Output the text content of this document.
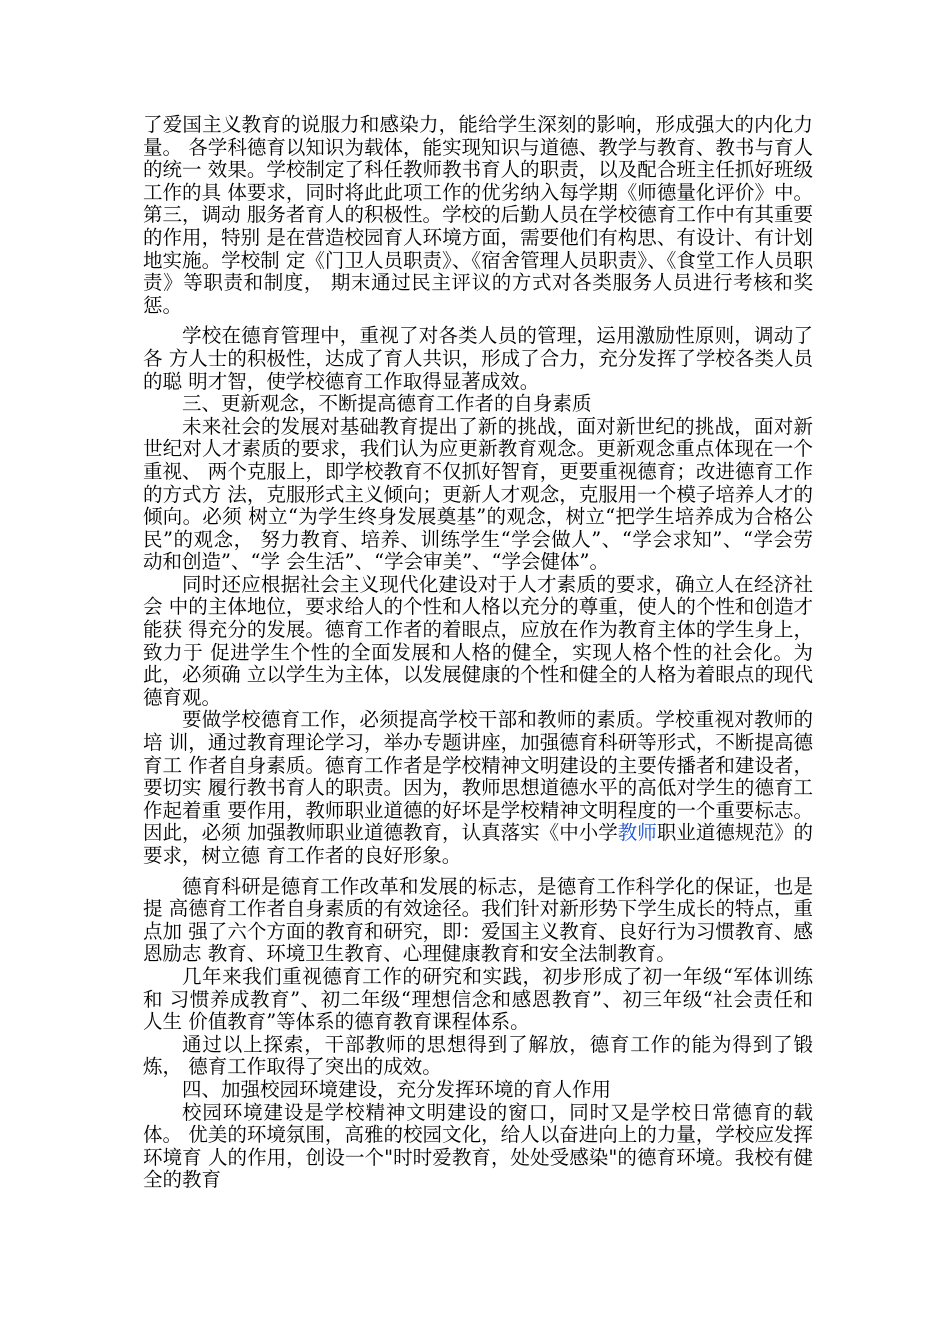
了爱国主义教育的说服力和感染力，能给学生深刻的影响，形成强大的内化力量。 各学科德育以知识为载体，能实现知识与道德、教学与教育、教书与育人的统一 效果。学校制定了科任教师教书育人的职责，以及配合班主任抓好班级工作的具 体要求，同时将此此项工作的优劣纳入每学期《师德量化评价》中。第三，调动 服务者育人的积极性。学校的后勤人员在学校德育工作中有其重要的作用，特别 是在营造校园育人环境方面，需要他们有构思、有设计、有计划地实施。学校制 定《门卫人员职责》、《宿舍管理人员职责》、《食堂工作人员职责》等职责和制度， 期末通过民主评议的方式对各类服务人员进行考核和奖惩。

学校在德育管理中，重视了对各类人员的管理，运用激励性原则，调动了各 方人士的积极性，达成了育人共识，形成了合力，充分发挥了学校各类人员的聪 明才智，使学校德育工作取得显著成效。

三、更新观念，不断提高德育工作者的自身素质

未来社会的发展对基础教育提出了新的挑战，面对新世纪的挑战，面对新世纪对人才素质的要求，我们认为应更新教育观念。更新观念重点体现在一个重视、 两个克服上，即学校教育不仅抓好智育，更要重视德育；改进德育工作的方式方 法，克服形式主义倾向；更新人才观念，克服用一个模子培养人才的倾向。必须 树立“为学生终身发展奠基”的观念，树立“把学生培养成为合格公民”的观念， 努力教育、培养、训练学生“学会做人”、“学会求知”、“学会劳动和创造”、“学 会生活”、“学会审美”、“学会健体”。

同时还应根据社会主义现代化建设对于人才素质的要求，确立人在经济社会 中的主体地位，要求给人的个性和人格以充分的尊重，使人的个性和创造才能获 得充分的发展。德育工作者的着眼点，应放在作为教育主体的学生身上，致力于 促进学生个性的全面发展和人格的健全，实现人格个性的社会化。为此，必须确 立以学生为主体，以发展健康的个性和健全的人格为着眼点的现代德育观。

要做学校德育工作，必须提高学校干部和教师的素质。学校重视对教师的培 训，通过教育理论学习，举办专题讲座，加强德育科研等形式，不断提高德育工 作者自身素质。德育工作者是学校精神文明建设的主要传播者和建设者，要切实 履行教书育人的职责。因为，教师思想道德水平的高低对学生的德育工作起着重 要作用，教师职业道德的好坏是学校精神文明程度的一个重要标志。因此，必须 加强教师职业道德教育，认真落实《中小学教师职业道德规范》的要求，树立德 育工作者的良好形象。

德育科研是德育工作改革和发展的标志，是德育工作科学化的保证，也是提 高德育工作者自身素质的有效途径。我们针对新形势下学生成长的特点，重点加 强了六个方面的教育和研究，即：爱国主义教育、良好行为习惯教育、感恩励志 教育、环境卫生教育、心理健康教育和安全法制教育。

几年来我们重视德育工作的研究和实践，初步形成了初一年级“军体训练和 习惯养成教育”、初二年级“理想信念和感恩教育”、初三年级“社会责任和人生 价值教育”等体系的德育教育课程体系。

通过以上探索，干部教师的思想得到了解放，德育工作的能为得到了锻炼， 德育工作取得了突出的成效。

四、加强校园环境建设，充分发挥环境的育人作用

校园环境建设是学校精神文明建设的窗口，同时又是学校日常德育的载体。 优美的环境氛围，高雅的校园文化，给人以奋进向上的力量，学校应发挥环境育 人的作用，创设一个"时时爱教育，处处受感染"的德育环境。我校有健全的教育
